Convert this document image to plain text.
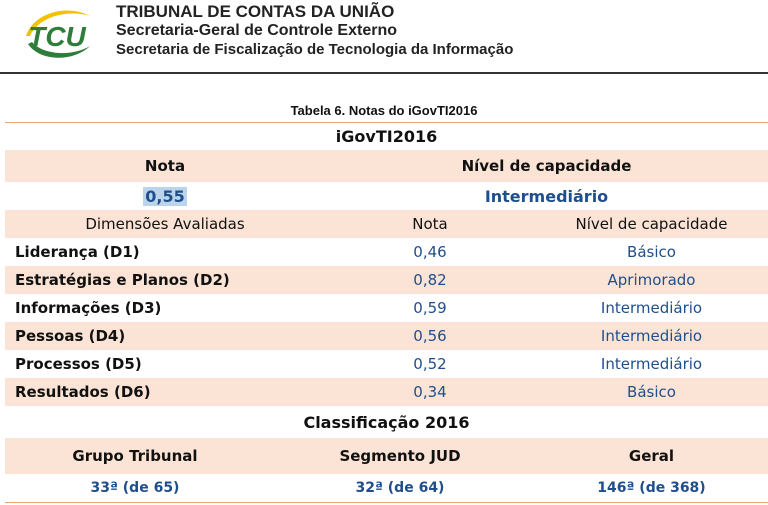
TCU
TRIBUNAL DE CONTAS DA UNIÃO
Secretaria-Geral de Controle Externo
Secretaria de Fiscalização de Tecnologia da Informação
Tabela 6. Notas do iGovTI2016
iGovTI2016
Nota	Nível de capacidade
0,55	Intermediário
Dimensões Avaliadas	Nota	Nível de capacidade
Liderança (D1)	0,46	Básico
Estratégias e Planos (D2)	0,82	Aprimorado
Informações (D3)	0,59	Intermediário
Pessoas (D4)	0,56	Intermediário
Processos (D5)	0,52	Intermediário
Resultados (D6)	0,34	Básico
Classificação 2016
Grupo Tribunal	Segmento JUD	Geral
33ª (de 65)	32ª (de 64)	146ª (de 368)
